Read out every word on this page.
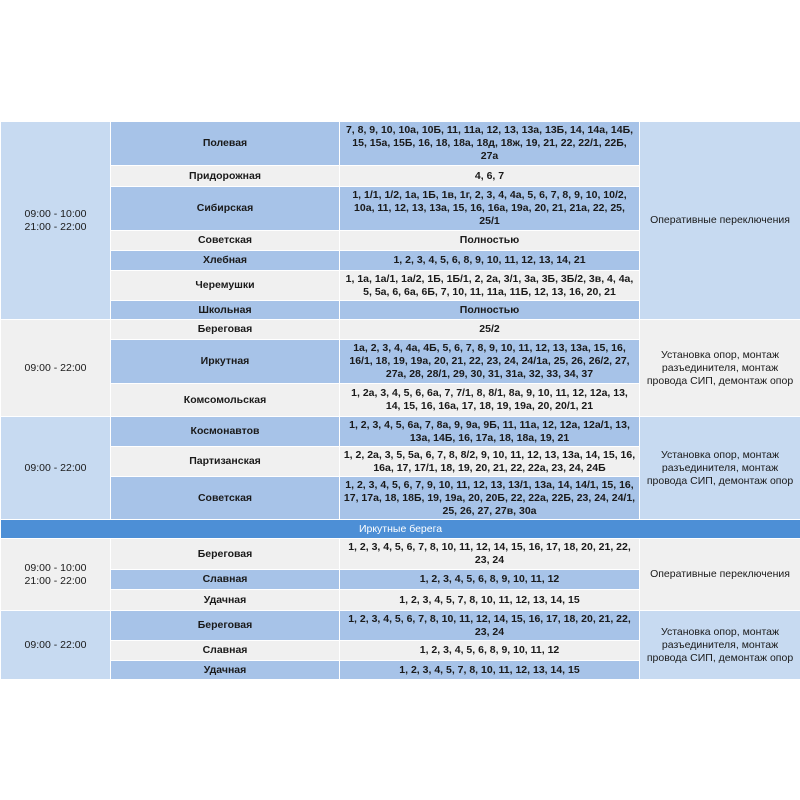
09:00 - 10:00
21:00 - 22:00	Полевая	7, 8, 9, 10, 10а, 10Б, 11, 11а, 12, 13, 13а, 13Б, 14, 14а, 14Б, 15, 15а, 15Б, 16, 18, 18а, 18д, 18ж, 19, 21, 22, 22/1, 22Б, 27а	Оперативные переключения
	Придорожная	4, 6, 7	
	Сибирская	1, 1/1, 1/2, 1а, 1Б, 1в, 1г, 2, 3, 4, 4а, 5, 6, 7, 8, 9, 10, 10/2, 10а, 11, 12, 13, 13а, 15, 16, 16а, 19а, 20, 21, 21а, 22, 25, 25/1	
	Советская	Полностью	
	Хлебная	1, 2, 3, 4, 5, 6, 8, 9, 10, 11, 12, 13, 14, 21	
	Черемушки	1, 1а, 1а/1, 1а/2, 1Б, 1Б/1, 2, 2а, 3/1, 3а, 3Б, 3Б/2, 3в, 4, 4а, 5, 5а, 6, 6а, 6Б, 7, 10, 11, 11а, 11Б, 12, 13, 16, 20, 21	
	Школьная	Полностью	

09:00 - 22:00	Береговая	25/2	Установка опор, монтаж разъединителя, монтаж провода СИП, демонтаж опор
	Иркутная	1а, 2, 3, 4, 4а, 4Б, 5, 6, 7, 8, 9, 10, 11, 12, 13, 13а, 15, 16, 16/1, 18, 19, 19а, 20, 21, 22, 23, 24, 24/1а, 25, 26, 26/2, 27, 27а, 28, 28/1, 29, 30, 31, 31а, 32, 33, 34, 37	
	Комсомольская	1, 2а, 3, 4, 5, 6, 6а, 7, 7/1, 8, 8/1, 8а, 9, 10, 11, 12, 12а, 13, 14, 15, 16, 16а, 17, 18, 19, 19а, 20, 20/1, 21	

09:00 - 22:00	Космонавтов	1, 2, 3, 4, 5, 6а, 7, 8а, 9, 9а, 9Б, 11, 11а, 12, 12а, 12а/1, 13, 13а, 14Б, 16, 17а, 18, 18а, 19, 21	Установка опор, монтаж разъединителя, монтаж провода СИП, демонтаж опор
	Партизанская	1, 2, 2а, 3, 5, 5а, 6, 7, 8, 8/2, 9, 10, 11, 12, 13, 13а, 14, 15, 16, 16а, 17, 17/1, 18, 19, 20, 21, 22, 22а, 23, 24, 24Б	
	Советская	1, 2, 3, 4, 5, 6, 7, 9, 10, 11, 12, 13, 13/1, 13а, 14, 14/1, 15, 16, 17, 17а, 18, 18Б, 19, 19а, 20, 20Б, 22, 22а, 22Б, 23, 24, 24/1, 25, 26, 27, 27в, 30а	
Иркутные берега			

09:00 - 10:00
21:00 - 22:00	Береговая	1, 2, 3, 4, 5, 6, 7, 8, 10, 11, 12, 14, 15, 16, 17, 18, 20, 21, 22, 23, 24	Оперативные переключения
	Славная	1, 2, 3, 4, 5, 6, 8, 9, 10, 11, 12	
	Удачная	1, 2, 3, 4, 5, 7, 8, 10, 11, 12, 13, 14, 15	

09:00 - 22:00	Береговая	1, 2, 3, 4, 5, 6, 7, 8, 10, 11, 12, 14, 15, 16, 17, 18, 20, 21, 22, 23, 24	Установка опор, монтаж разъединителя, монтаж провода СИП, демонтаж опор
	Славная	1, 2, 3, 4, 5, 6, 8, 9, 10, 11, 12	
	Удачная	1, 2, 3, 4, 5, 7, 8, 10, 11, 12, 13, 14, 15	
